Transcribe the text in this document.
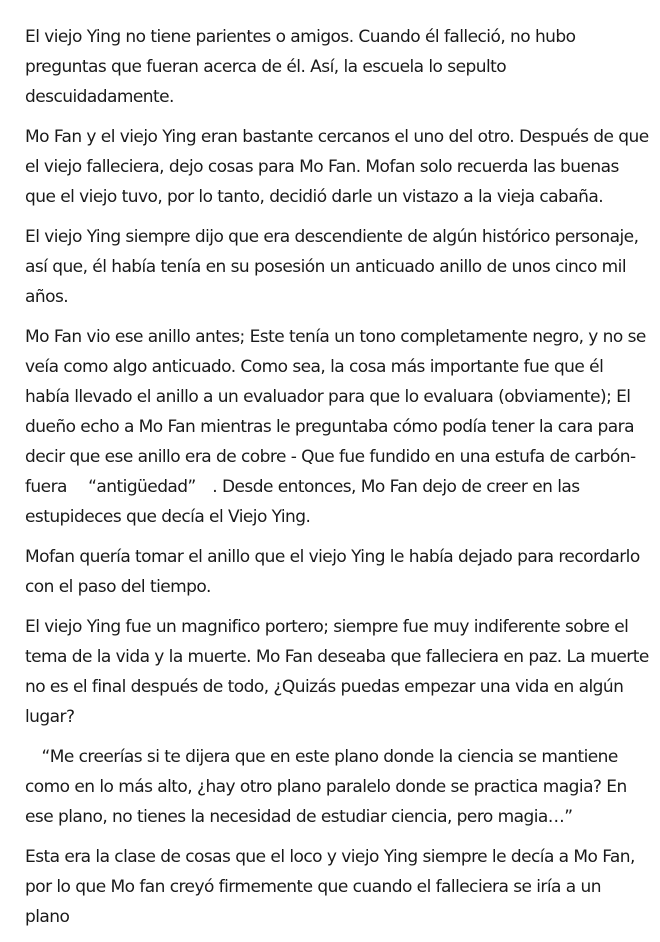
El viejo Ying no tiene parientes o amigos. Cuando él falleció, no hubo preguntas que fueran acerca de él. Así, la escuela lo sepulto descuidadamente.

Mo Fan y el viejo Ying eran bastante cercanos el uno del otro. Después de que el viejo falleciera, dejo cosas para Mo Fan. Mofan solo recuerda las buenas que el viejo tuvo, por lo tanto, decidió darle un vistazo a la vieja cabaña.

El viejo Ying siempre dijo que era descendiente de algún histórico personaje, así que, él había tenía en su posesión un anticuado anillo de unos cinco mil años.

Mo Fan vio ese anillo antes; Este tenía un tono completamente negro, y no se veía como algo anticuado. Como sea, la cosa más importante fue que él había llevado el anillo a un evaluador para que lo evaluara (obviamente); El dueño echo a Mo Fan mientras le preguntaba cómo podía tener la cara para decir que ese anillo era de cobre - Que fue fundido en una estufa de carbón- fuera 　“antigüedad”　. Desde entonces, Mo Fan dejo de creer en las estupideces que decía el Viejo Ying.

Mofan quería tomar el anillo que el viejo Ying le había dejado para recordarlo con el paso del tiempo.

El viejo Ying fue un magnifico portero; siempre fue muy indiferente sobre el tema de la vida y la muerte. Mo Fan deseaba que falleciera en paz. La muerte no es el final después de todo, ¿Quizás puedas empezar una vida en algún lugar?

　“Me creerías si te dijera que en este plano donde la ciencia se mantiene como en lo más alto, ¿hay otro plano paralelo donde se practica magia? En ese plano, no tienes la necesidad de estudiar ciencia, pero magia…”

Esta era la clase de cosas que el loco y viejo Ying siempre le decía a Mo Fan, por lo que Mo fan creyó firmemente que cuando el falleciera se iría a un plano
